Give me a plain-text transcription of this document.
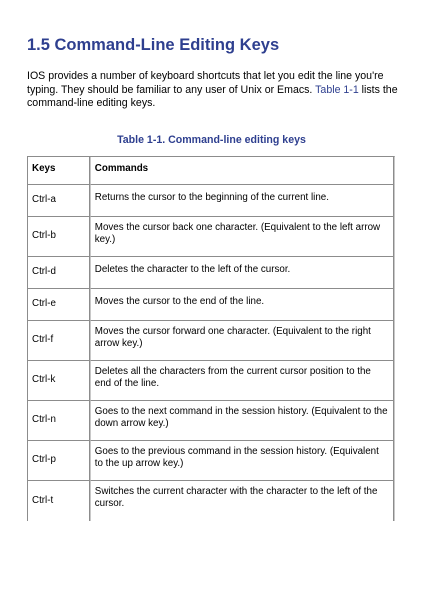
1.5 Command-Line Editing Keys

IOS provides a number of keyboard shortcuts that let you edit the line you're typing. They should be familiar to any user of Unix or Emacs. Table 1-1 lists the command-line editing keys.

Table 1-1. Command-line editing keys
Keys	Commands
Ctrl-a	Returns the cursor to the beginning of the current line.
Ctrl-b	Moves the cursor back one character. (Equivalent to the left arrow key.)
Ctrl-d	Deletes the character to the left of the cursor.
Ctrl-e	Moves the cursor to the end of the line.
Ctrl-f	Moves the cursor forward one character. (Equivalent to the right arrow key.)
Ctrl-k	Deletes all the characters from the current cursor position to the end of the line.
Ctrl-n	Goes to the next command in the session history. (Equivalent to the down arrow key.)
Ctrl-p	Goes to the previous command in the session history. (Equivalent to the up arrow key.)
Ctrl-t	Switches the current character with the character to the left of the cursor.
